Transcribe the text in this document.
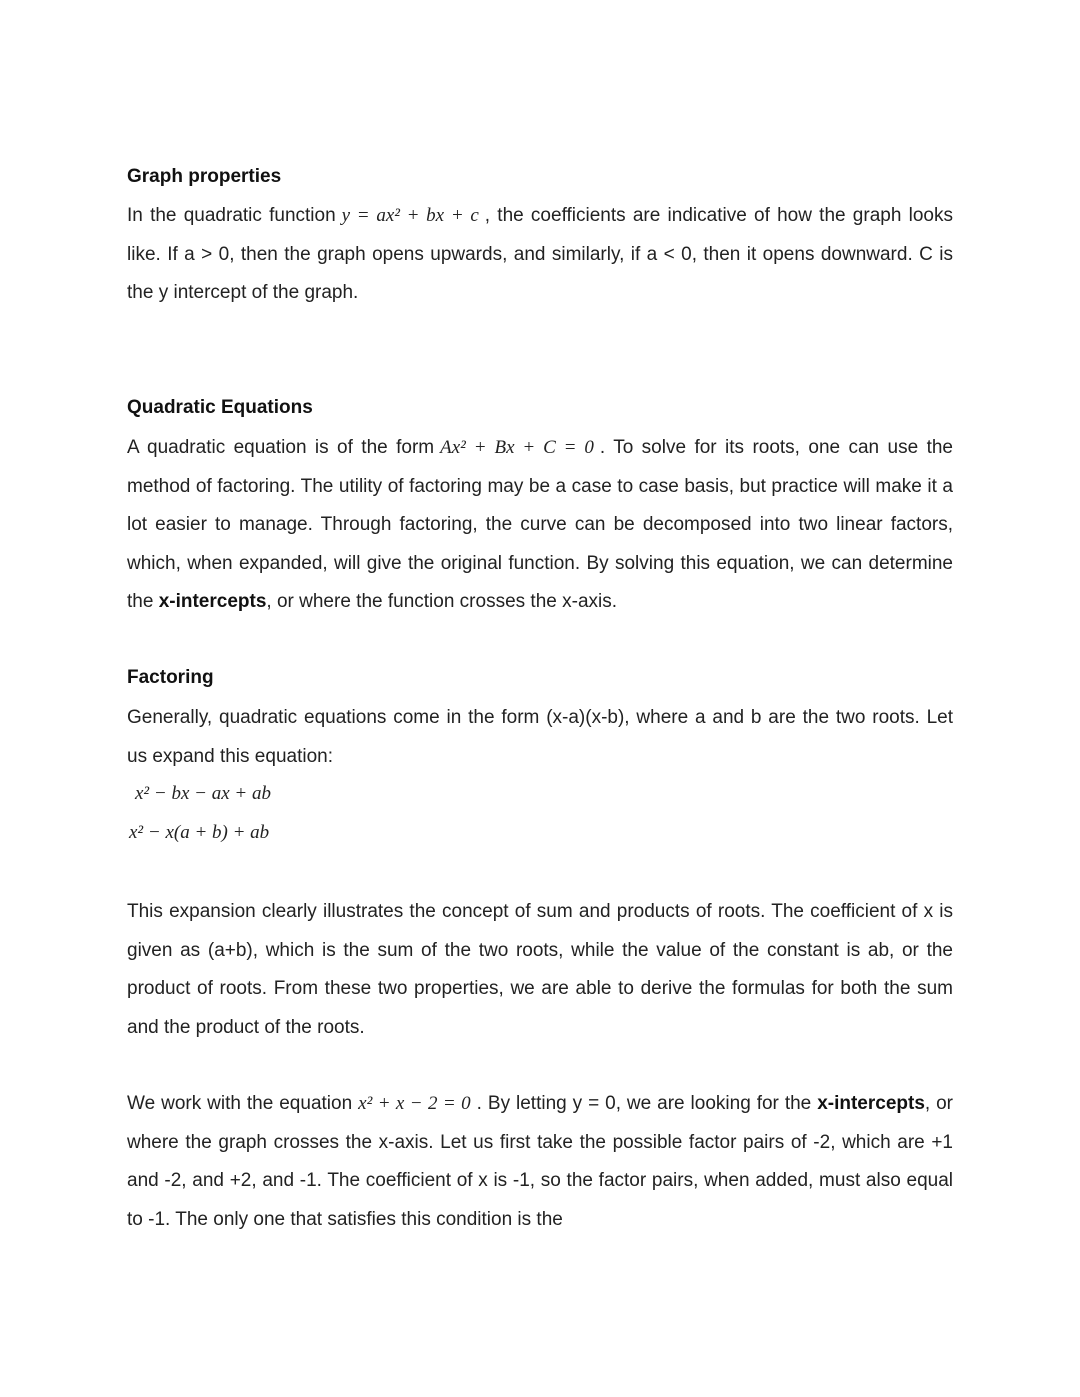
Graph properties
In the quadratic function y = ax² + bx + c , the coefficients are indicative of how the graph looks like. If a > 0, then the graph opens upwards, and similarly, if a < 0, then it opens downward. C is the y intercept of the graph.
Quadratic Equations
A quadratic equation is of the form Ax² + Bx + C = 0 . To solve for its roots, one can use the method of factoring. The utility of factoring may be a case to case basis, but practice will make it a lot easier to manage. Through factoring, the curve can be decomposed into two linear factors, which, when expanded, will give the original function. By solving this equation, we can determine the x-intercepts, or where the function crosses the x-axis.
Factoring
Generally, quadratic equations come in the form (x-a)(x-b), where a and b are the two roots. Let us expand this equation:
x² − bx − ax + ab
x² − x(a + b) + ab
This expansion clearly illustrates the concept of sum and products of roots. The coefficient of x is given as (a+b), which is the sum of the two roots, while the value of the constant is ab, or the product of roots. From these two properties, we are able to derive the formulas for both the sum and the product of the roots.
We work with the equation x² + x − 2 = 0 . By letting y = 0, we are looking for the x-intercepts, or where the graph crosses the x-axis. Let us first take the possible factor pairs of -2, which are +1 and -2, and +2, and -1. The coefficient of x is -1, so the factor pairs, when added, must also equal to -1. The only one that satisfies this condition is the
